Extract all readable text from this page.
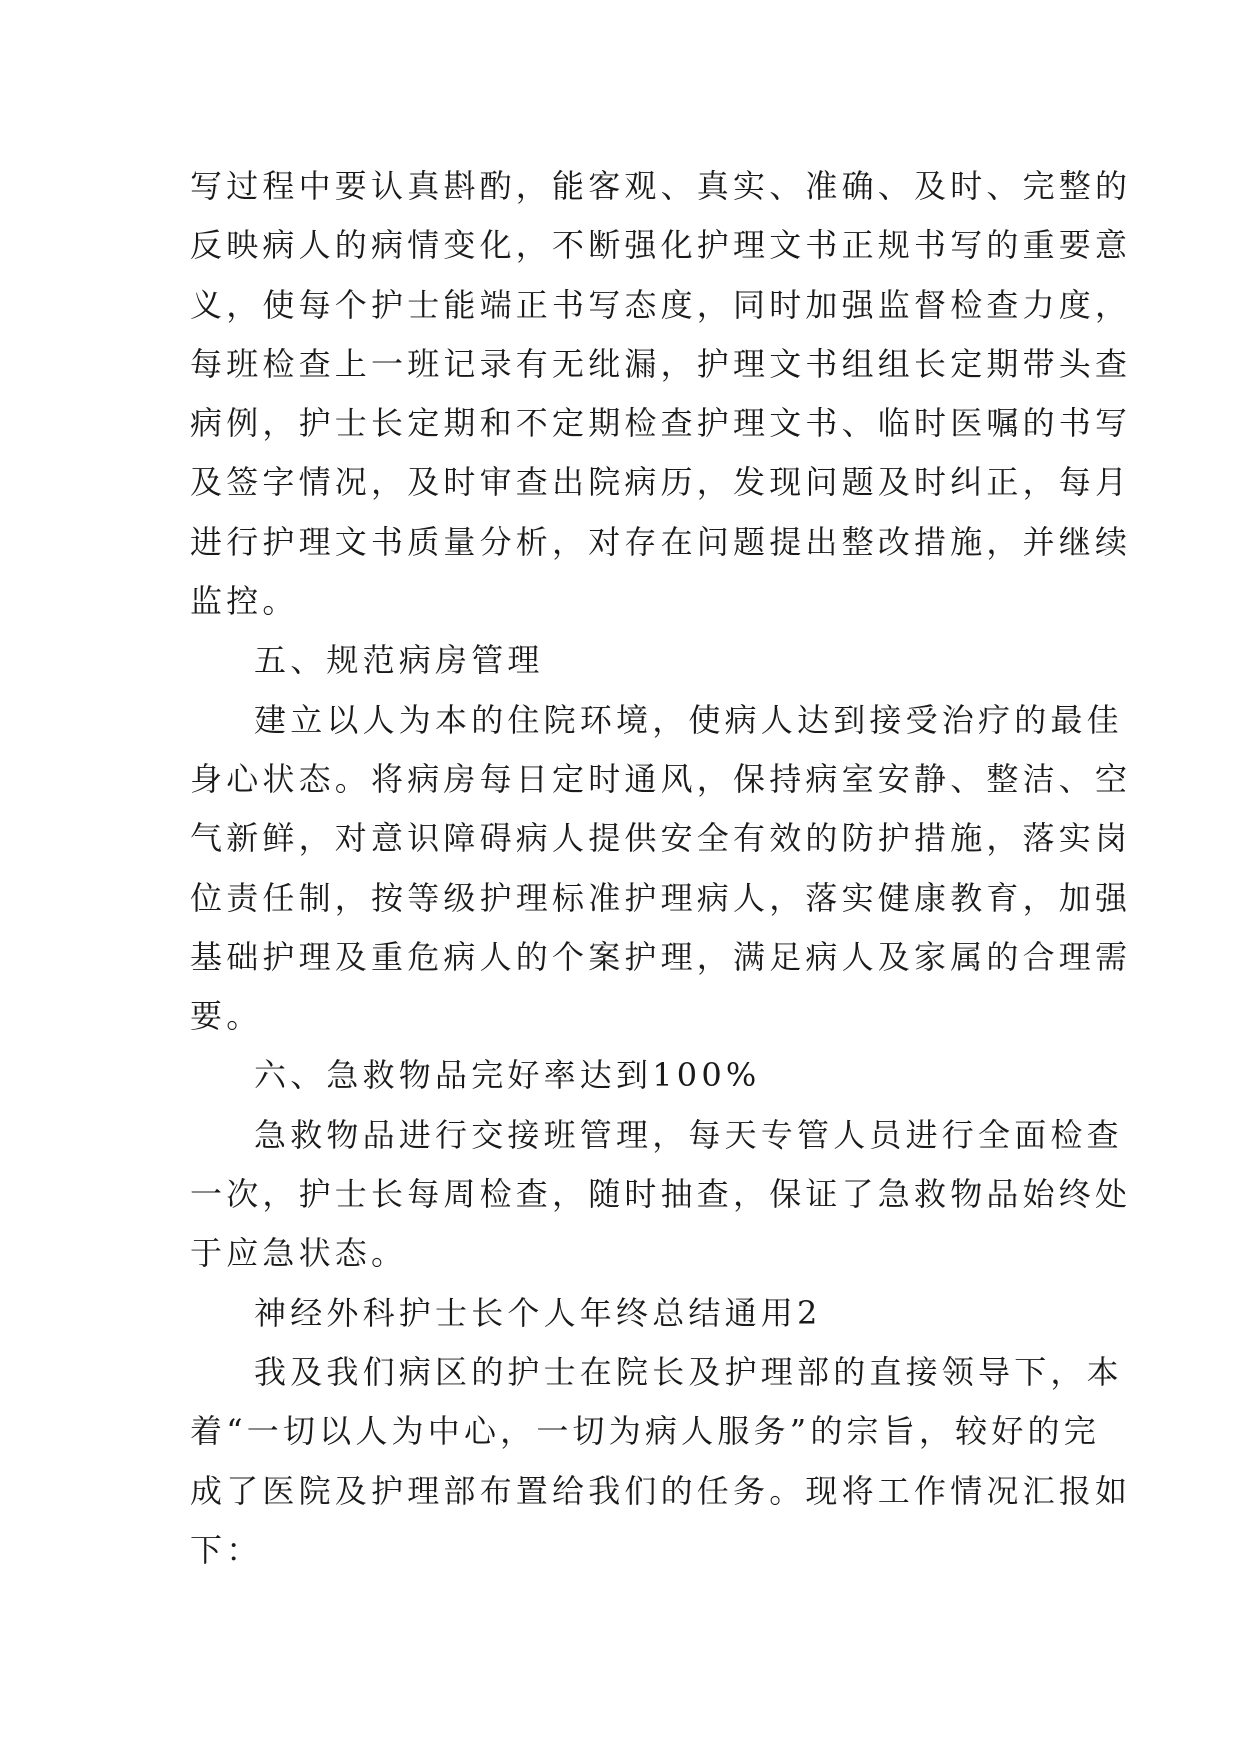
写过程中要认真斟酌，能客观、真实、准确、及时、完整的
反映病人的病情变化，不断强化护理文书正规书写的重要意
义，使每个护士能端正书写态度，同时加强监督检查力度，
每班检查上一班记录有无纰漏，护理文书组组长定期带头查
病例，护士长定期和不定期检查护理文书、临时医嘱的书写
及签字情况，及时审查出院病历，发现问题及时纠正，每月
进行护理文书质量分析，对存在问题提出整改措施，并继续
监控。
五、规范病房管理
建立以人为本的住院环境，使病人达到接受治疗的最佳
身心状态。将病房每日定时通风，保持病室安静、整洁、空
气新鲜，对意识障碍病人提供安全有效的防护措施，落实岗
位责任制，按等级护理标准护理病人，落实健康教育，加强
基础护理及重危病人的个案护理，满足病人及家属的合理需
要。
六、急救物品完好率达到100%
急救物品进行交接班管理，每天专管人员进行全面检查
一次，护士长每周检查，随时抽查，保证了急救物品始终处
于应急状态。
神经外科护士长个人年终总结通用2
我及我们病区的护士在院长及护理部的直接领导下，本
着“一切以人为中心，一切为病人服务”的宗旨，较好的完
成了医院及护理部布置给我们的任务。现将工作情况汇报如
下：
